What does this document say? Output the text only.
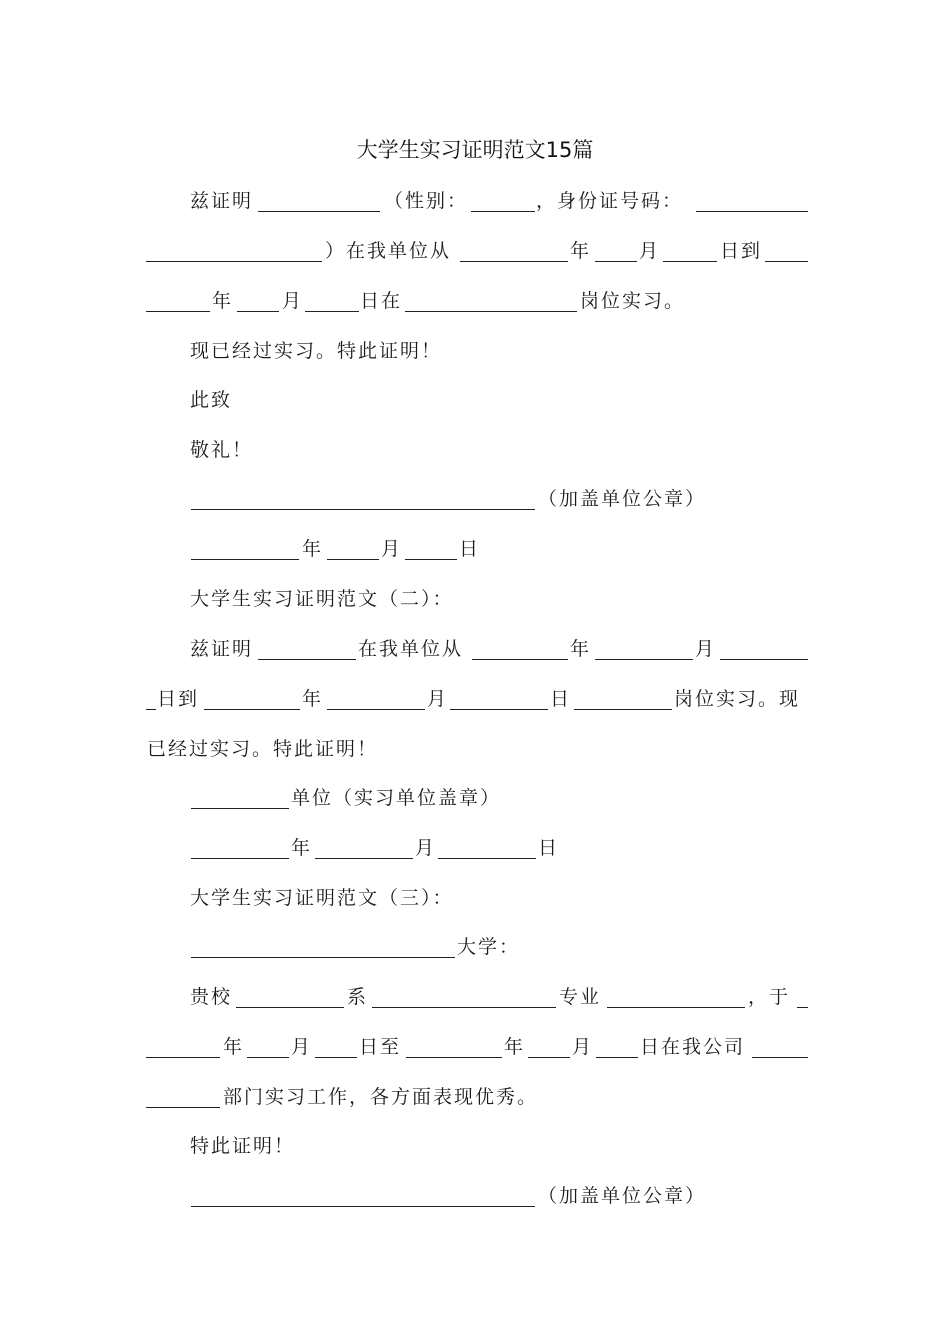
大学生实习证明范文15篇
兹证明	（性别：	，身份证号码：
）在我单位从	年	月	日到
年	月	日在	岗位实习。
现已经过实习。特此证明！
此致
敬礼！
（加盖单位公章）
年	月	日
大学生实习证明范文（二）：
兹证明	在我单位从	年	月
日到	年	月	日	岗位实习。现
已经过实习。特此证明！
单位（实习单位盖章）
年	月	日
大学生实习证明范文（三）：
大学：
贵校	系	专业	，于
年 月 日至	年 月 日在我公司
部门实习工作，各方面表现优秀。
特此证明！
（加盖单位公章）
